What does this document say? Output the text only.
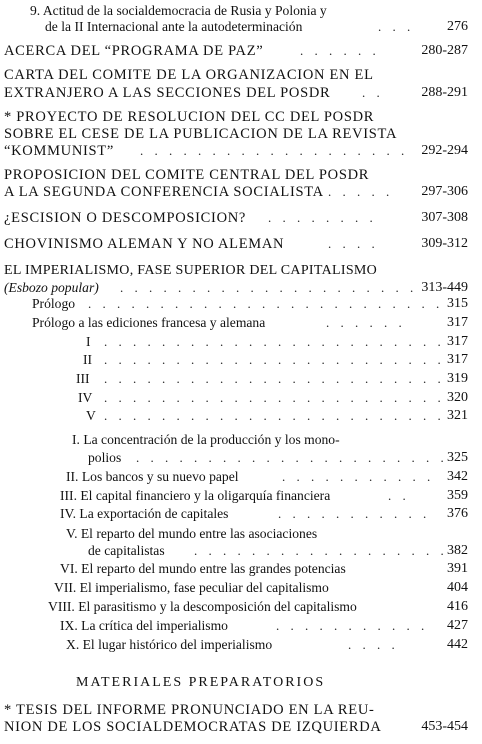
9. Actitud de la socialdemocracia de Rusia y Polonia y
de la II Internacional ante la autodeterminación	. . . 276
ACERCA DEL “PROGRAMA DE PAZ”	. . . . . .	280-287
CARTA DEL COMITE DE LA ORGANIZACION EN EL
EXTRANJERO A LAS SECCIONES DEL POSDR . .	288-291
* PROYECTO DE RESOLUCION DEL CC DEL POSDR
SOBRE EL CESE DE LA PUBLICACION DE LA REVISTA
“KOMMUNIST” . . . . . . . . . . . . . . . . . . . 292-294
PROPOSICION DEL COMITE CENTRAL DEL POSDR
A LA SEGUNDA CONFERENCIA SOCIALISTA . . . . . 297-306
¿ESCISION O DESCOMPOSICION? . . . . . . . .	307-308
CHOVINISMO ALEMAN Y NO ALEMAN	. . . .	309-312
EL IMPERIALISMO, FASE SUPERIOR DEL CAPITALISMO
(Esbozo popular) . . . . . . . . . . . . . . . . . . . . . 313-449
Prólogo . . . . . . . . . . . . . . . . . . . . . . . . . 315
Prólogo a las ediciones francesa y alemana	. . . . . .	317
I . . . . . . . . . . . . . . . . . . . . . . . . 317
II . . . . . . . . . . . . . . . . . . . . . . . . 317
III . . . . . . . . . . . . . . . . . . . . . . . . 319
IV . . . . . . . . . . . . . . . . . . . . . . . . 320
V . . . . . . . . . . . . . . . . . . . . . . . . 321
I. La concentración de la producción y los mono-
polios . . . . . . . . . . . . . . . . . . . . . . 325
II. Los bancos y su nuevo papel	. . . . . . . . . . . 342
III. El capital financiero y la oligarquía financiera	. .	359
IV. La exportación de capitales	. . . . . . . . . . . 376
V. El reparto del mundo entre las asociaciones
de capitalistas . . . . . . . . . . . . . . . . . . 382
VI. El reparto del mundo entre las grandes potencias	391
VII. El imperialismo, fase peculiar del capitalismo	404
VIII. El parasitismo y la descomposición del capitalismo	416
IX. La crítica del imperialismo	. . . . . . . . . . . 427
X. El lugar histórico del imperialismo	. . . .	442
MATERIALES PREPARATORIOS
* TESIS DEL INFORME PRONUNCIADO EN LA REU-
NION DE LOS SOCIALDEMOCRATAS DE IZQUIERDA	453-454
